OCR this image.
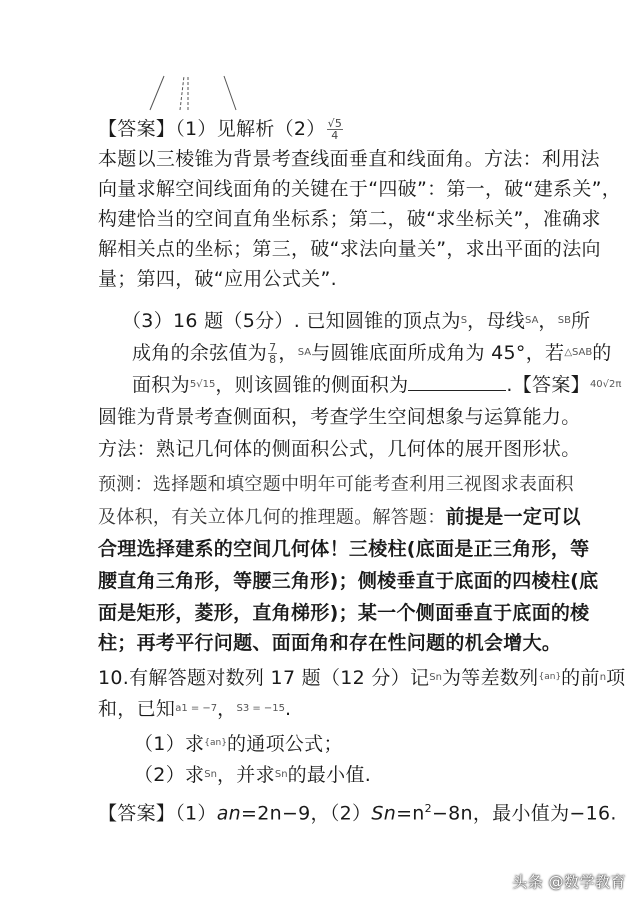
【答案】（1）见解析$(2) \frac{√5}{4}$
本题以三棱锥为背景考查线面垂直和线面角。方法：利用法
向量求解空间线面角的关键在于“四破”：第一，破“建系关”，
构建恰当的空间直角坐标系；第二，破“求坐标关”，准确求
解相关点的坐标；第三，破“求法向量关”，求出平面的法向
量；第四，破“应用公式关”.
（3）16 题（5分）. 已知圆锥的顶点为$^S$，母线$^{SA}$，$^{SB}$所
成角的余弦值为 $\frac{7}{8}$ ，$^{SA}$与圆锥底面所成角为 45°，若$^{\triangle SAB}$的
面积为$^{5√15}$，则该圆锥的侧面积为	.【答案】$^{40√2\pi}$
圆锥为背景考查侧面积，考查学生空间想象与运算能力。
方法：熟记几何体的侧面积公式，几何体的展开图形状。
预测：选择题和填空题中明年可能考查利用三视图求表面积
及体积，有关立体几何的推理题。解答题：前提是一定可以
合理选择建系的空间几何体！三棱柱(底面是正三角形，等
腰直角三角形，等腰三角形)；侧棱垂直于底面的四棱柱(底
面是矩形，菱形，直角梯形)；某一个侧面垂直于底面的棱
柱；再考平行问题、面面角和存在性问题的机会增大。
10.有解答题对数列 17 题（12 分）记$^{Sn}$为等差数列$^{\{an\}}$的前$^n$项
和，已知$^{a1 = -7}$，$^{S3 = -15}$.
（1）求$^{\{an\}}$的通项公式；
（2）求$^{Sn}$，并求$^{Sn}$的最小值.
【答案】（1）an=2n−9，$(2)Sn=n^2-8n$，最小值为−16.
头条 @数学教育
